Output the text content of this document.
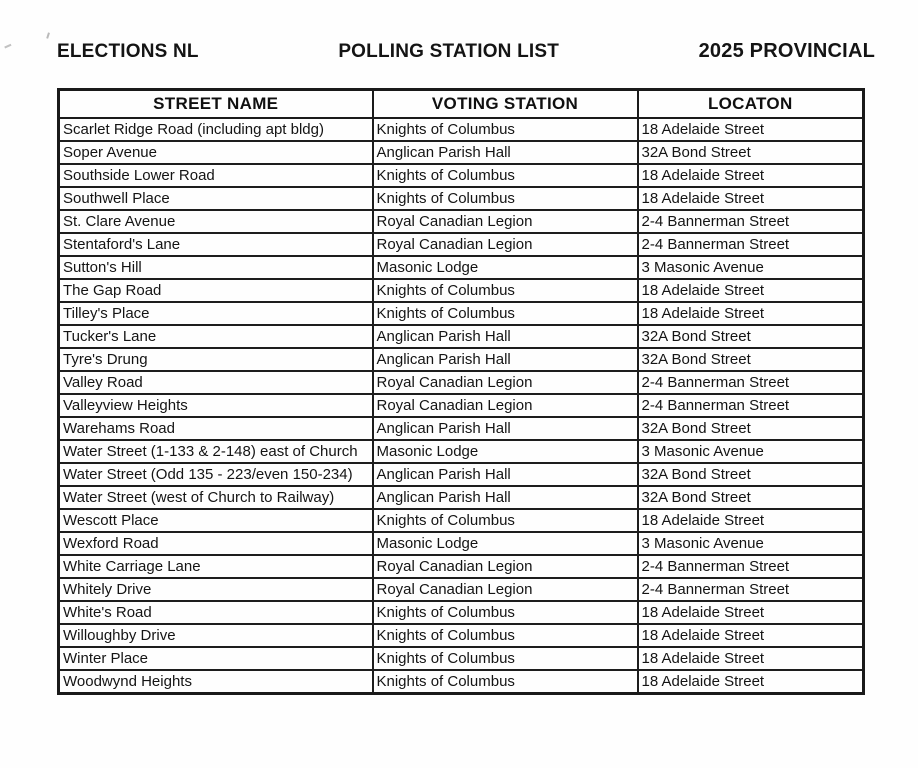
ELECTIONS NL	POLLING STATION LIST	2025 PROVINCIAL
STREET NAME	VOTING STATION	LOCATON
Scarlet Ridge Road (including apt bldg)	Knights of Columbus	18 Adelaide Street
Soper Avenue	Anglican Parish Hall	32A Bond Street
Southside Lower Road	Knights of Columbus	18 Adelaide Street
Southwell Place	Knights of Columbus	18 Adelaide Street
St. Clare Avenue	Royal Canadian Legion	2-4 Bannerman Street
Stentaford's Lane	Royal Canadian Legion	2-4 Bannerman Street
Sutton's Hill	Masonic Lodge	3 Masonic Avenue
The Gap Road	Knights of Columbus	18 Adelaide Street
Tilley's Place	Knights of Columbus	18 Adelaide Street
Tucker's Lane	Anglican Parish Hall	32A Bond Street
Tyre's Drung	Anglican Parish Hall	32A Bond Street
Valley Road	Royal Canadian Legion	2-4 Bannerman Street
Valleyview Heights	Royal Canadian Legion	2-4 Bannerman Street
Warehams Road	Anglican Parish Hall	32A Bond Street
Water Street (1-133 & 2-148) east of Church	Masonic Lodge	3 Masonic Avenue
Water Street (Odd 135 - 223/even 150-234)	Anglican Parish Hall	32A Bond Street
Water Street (west of Church to Railway)	Anglican Parish Hall	32A Bond Street
Wescott Place	Knights of Columbus	18 Adelaide Street
Wexford Road	Masonic Lodge	3 Masonic Avenue
White Carriage Lane	Royal Canadian Legion	2-4 Bannerman Street
Whitely Drive	Royal Canadian Legion	2-4 Bannerman Street
White's Road	Knights of Columbus	18 Adelaide Street
Willoughby Drive	Knights of Columbus	18 Adelaide Street
Winter Place	Knights of Columbus	18 Adelaide Street
Woodwynd Heights	Knights of Columbus	18 Adelaide Street
